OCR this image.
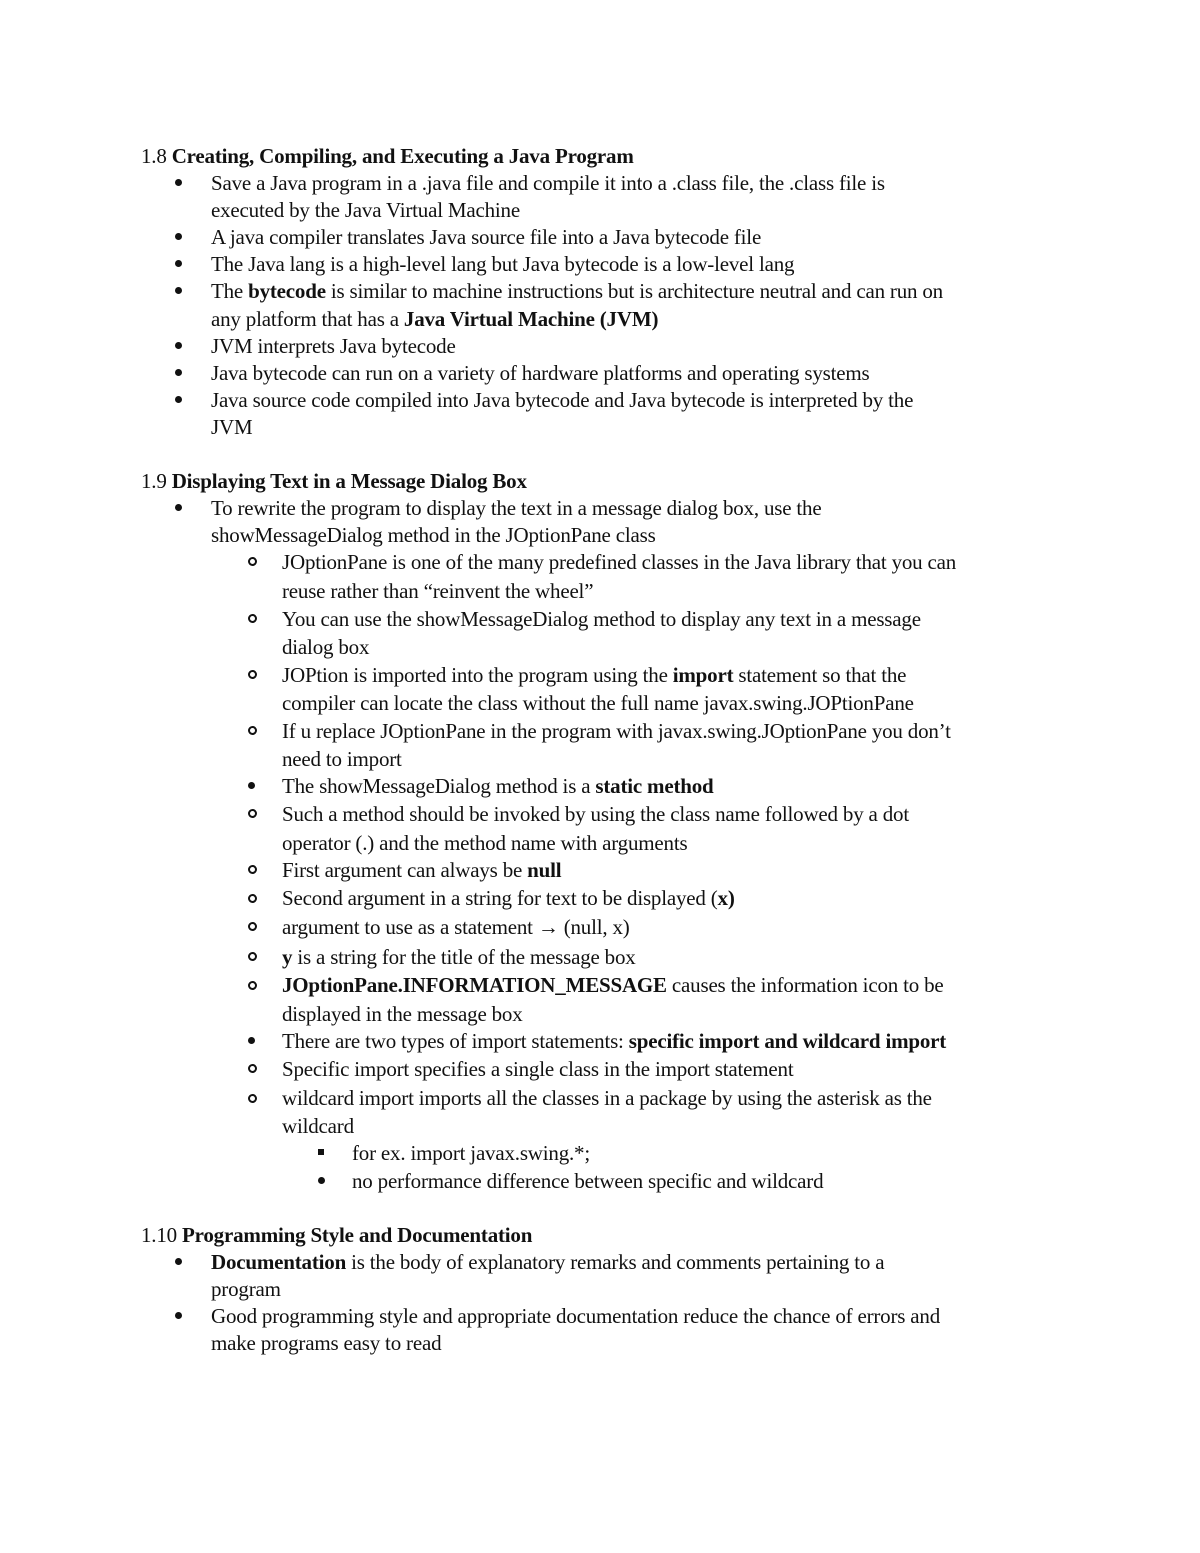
1.8 Creating, Compiling, and Executing a Java Program
Save a Java program in a .java file and compile it into a .class file, the .class file is
executed by the Java Virtual Machine
A java compiler translates Java source file into a Java bytecode file
The Java lang is a high-level lang but Java bytecode is a low-level lang
The bytecode is similar to machine instructions but is architecture neutral and can run on
any platform that has a Java Virtual Machine (JVM)
JVM interprets Java bytecode
Java bytecode can run on a variety of hardware platforms and operating systems
Java source code compiled into Java bytecode and Java bytecode is interpreted by the
JVM
1.9 Displaying Text in a Message Dialog Box
To rewrite the program to display the text in a message dialog box, use the
showMessageDialog method in the JOptionPane class
JOptionPane is one of the many predefined classes in the Java library that you can
reuse rather than “reinvent the wheel”
You can use the showMessageDialog method to display any text in a message
dialog box
JOPtion is imported into the program using the import statement so that the
compiler can locate the class without the full name javax.swing.JOPtionPane
If u replace JOptionPane in the program with javax.swing.JOptionPane you don’t
need to import
The showMessageDialog method is a static method
Such a method should be invoked by using the class name followed by a dot
operator (.) and the method name with arguments
First argument can always be null
Second argument in a string for text to be displayed (x)
argument to use as a statement → (null, x)
y is a string for the title of the message box
JOptionPane.INFORMATION_MESSAGE causes the information icon to be
displayed in the message box
There are two types of import statements: specific import and wildcard import
Specific import specifies a single class in the import statement
wildcard import imports all the classes in a package by using the asterisk as the
wildcard
for ex. import javax.swing.*;
no performance difference between specific and wildcard
1.10 Programming Style and Documentation
Documentation is the body of explanatory remarks and comments pertaining to a
program
Good programming style and appropriate documentation reduce the chance of errors and
make programs easy to read
